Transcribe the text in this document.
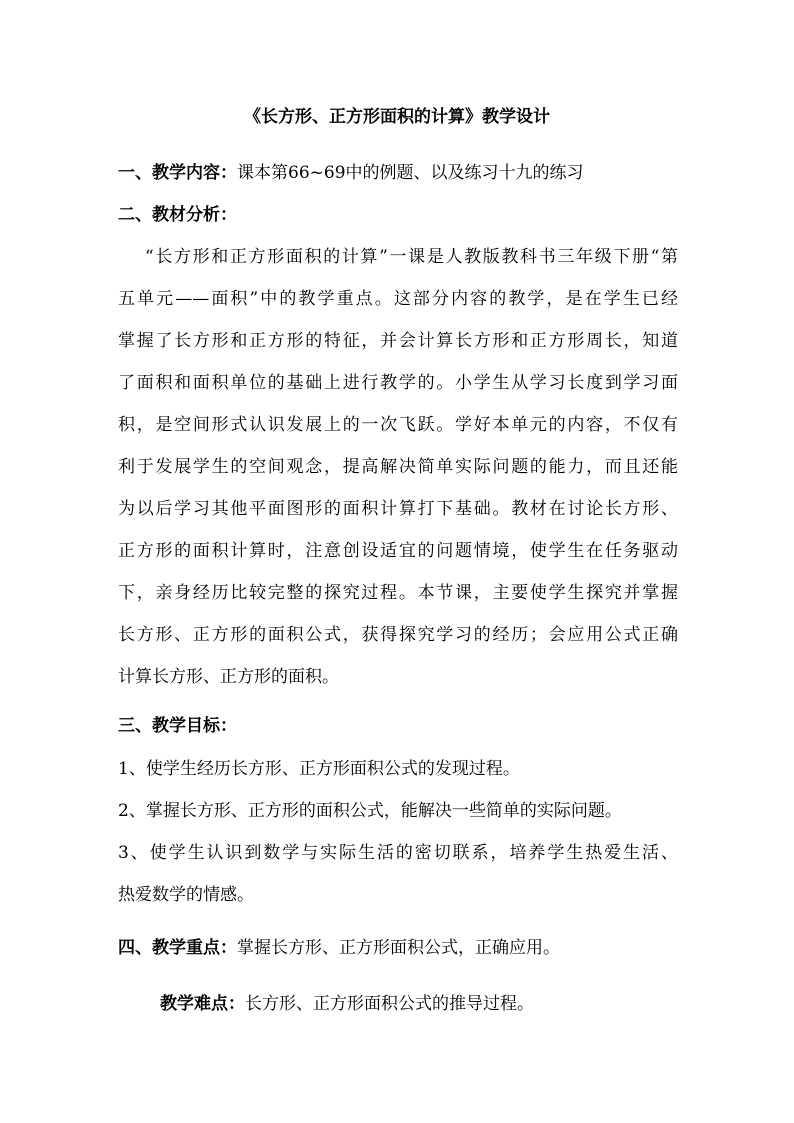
《长方形、正方形面积的计算》教学设计
一、教学内容：课本第66~69中的例题、以及练习十九的练习
二、教材分析：
“长方形和正方形面积的计算”一课是人教版教科书三年级下册“第
五单元——面积”中的教学重点。这部分内容的教学，是在学生已经
掌握了长方形和正方形的特征，并会计算长方形和正方形周长，知道
了面积和面积单位的基础上进行教学的。小学生从学习长度到学习面
积，是空间形式认识发展上的一次飞跃。学好本单元的内容，不仅有
利于发展学生的空间观念，提高解决简单实际问题的能力，而且还能
为以后学习其他平面图形的面积计算打下基础。教材在讨论长方形、
正方形的面积计算时，注意创设适宜的问题情境，使学生在任务驱动
下，亲身经历比较完整的探究过程。本节课，主要使学生探究并掌握
长方形、正方形的面积公式，获得探究学习的经历；会应用公式正确
计算长方形、正方形的面积。
三、教学目标：
1、使学生经历长方形、正方形面积公式的发现过程。
2、掌握长方形、正方形的面积公式，能解决一些简单的实际问题。
3、使学生认识到数学与实际生活的密切联系，培养学生热爱生活、
热爱数学的情感。
四、教学重点：掌握长方形、正方形面积公式，正确应用。
教学难点：长方形、正方形面积公式的推导过程。
